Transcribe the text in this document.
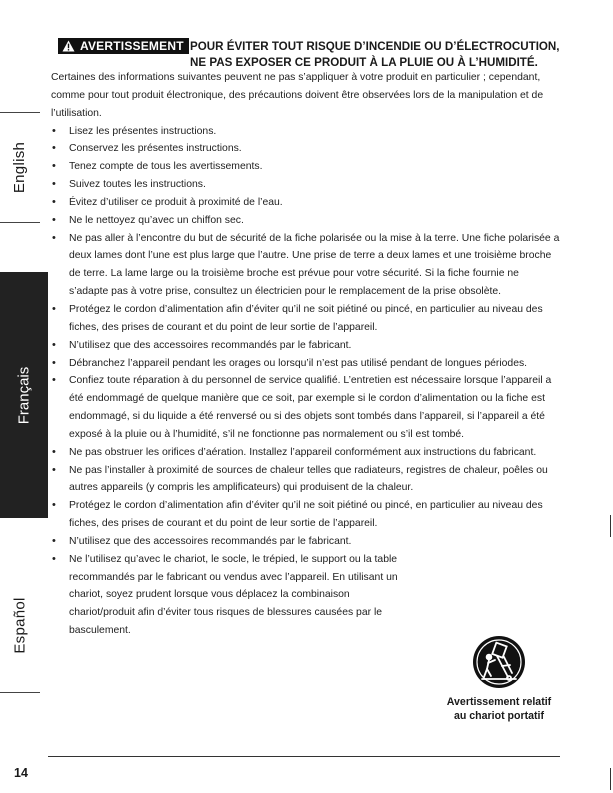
English
Français
Español
AVERTISSEMENT POUR ÉVITER TOUT RISQUE D’INCENDIE OU D’ÉLECTROCUTION,
NE PAS EXPOSER CE PRODUIT À LA PLUIE OU À L’HUMIDITÉ.

Certaines des informations suivantes peuvent ne pas s’appliquer à votre produit en particulier ; cependant, comme pour tout produit électronique, des précautions doivent être observées lors de la manipulation et de l’utilisation.

• Lisez les présentes instructions.
• Conservez les présentes instructions.
• Tenez compte de tous les avertissements.
• Suivez toutes les instructions.
• Évitez d’utiliser ce produit à proximité de l’eau.
• Ne le nettoyez qu’avec un chiffon sec.
• Ne pas aller à l’encontre du but de sécurité de la fiche polarisée ou la mise à la terre. Une fiche polarisée a deux lames dont l’une est plus large que l’autre. Une prise de terre a deux lames et une troisième broche de terre. La lame large ou la troisième broche est prévue pour votre sécurité. Si la fiche fournie ne s’adapte pas à votre prise, consultez un électricien pour le remplacement de la prise obsolète.
• Protégez le cordon d’alimentation afin d’éviter qu’il ne soit piétiné ou pincé, en particulier au niveau des fiches, des prises de courant et du point de leur sortie de l’appareil.
• N’utilisez que des accessoires recommandés par le fabricant.
• Débranchez l’appareil pendant les orages ou lorsqu’il n’est pas utilisé pendant de longues périodes.
• Confiez toute réparation à du personnel de service qualifié. L’entretien est nécessaire lorsque l’appareil a été endommagé de quelque manière que ce soit, par exemple si le cordon d’alimentation ou la fiche est endommagé, si du liquide a été renversé ou si des objets sont tombés dans l’appareil, si l’appareil a été exposé à la pluie ou à l’humidité, s’il ne fonctionne pas normalement ou s’il est tombé.
• Ne pas obstruer les orifices d’aération. Installez l’appareil conformément aux instructions du fabricant.
• Ne pas l’installer à proximité de sources de chaleur telles que radiateurs, registres de chaleur, poêles ou autres appareils (y compris les amplificateurs) qui produisent de la chaleur.
• Protégez le cordon d’alimentation afin d’éviter qu’il ne soit piétiné ou pincé, en particulier au niveau des fiches, des prises de courant et du point de leur sortie de l’appareil.
• N’utilisez que des accessoires recommandés par le fabricant.
• Ne l’utilisez qu’avec le chariot, le socle, le trépied, le support ou la table recommandés par le fabricant ou vendus avec l’appareil. En utilisant un chariot, soyez prudent lorsque vous déplacez la combinaison chariot/produit afin d’éviter tous risques de blessures causées par le basculement.
Avertissement relatif
au chariot portatif
14
